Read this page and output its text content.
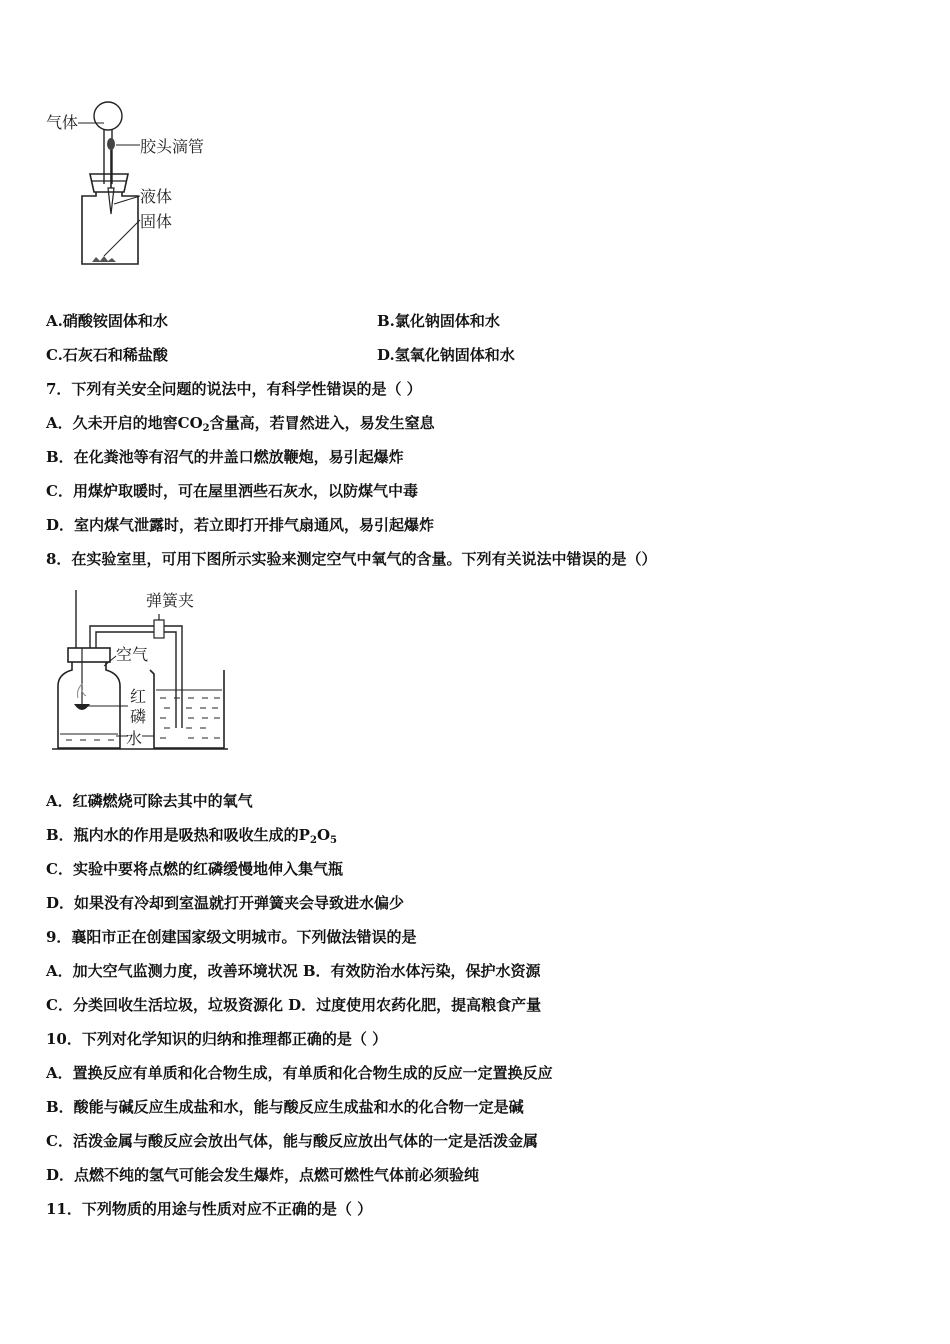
气体
胶头滴管
液体
固体
A.硝酸铵固体和水	B.氯化钠固体和水
C.石灰石和稀盐酸	D.氢氧化钠固体和水
7．下列有关安全问题的说法中，有科学性错误的是（ ）
A．久未开启的地窖$CO_2$含量高，若冒然进入，易发生窒息
B．在化粪池等有沼气的井盖口燃放鞭炮，易引起爆炸
C．用煤炉取暖时，可在屋里洒些石灰水，以防煤气中毒
D．室内煤气泄露时，若立即打开排气扇通风，易引起爆炸
8．在实验室里，可用下图所示实验来测定空气中氧气的含量。下列有关说法中错误的是（）
弹簧夹
空气
红
磷
水
A．红磷燃烧可除去其中的氧气
B．瓶内水的作用是吸热和吸收生成的$P_2O_5$
C．实验中要将点燃的红磷缓慢地伸入集气瓶
D．如果没有冷却到室温就打开弹簧夹会导致进水偏少
9．襄阳市正在创建国家级文明城市。下列做法错误的是
A．加大空气监测力度，改善环境状况 B．有效防治水体污染，保护水资源
C．分类回收生活垃圾，垃圾资源化 D．过度使用农药化肥，提高粮食产量
10．下列对化学知识的归纳和推理都正确的是（ ）
A．置换反应有单质和化合物生成，有单质和化合物生成的反应一定置换反应
B．酸能与碱反应生成盐和水，能与酸反应生成盐和水的化合物一定是碱
C．活泼金属与酸反应会放出气体，能与酸反应放出气体的一定是活泼金属
D．点燃不纯的氢气可能会发生爆炸，点燃可燃性气体前必须验纯
11．下列物质的用途与性质对应不正确的是（ ）
